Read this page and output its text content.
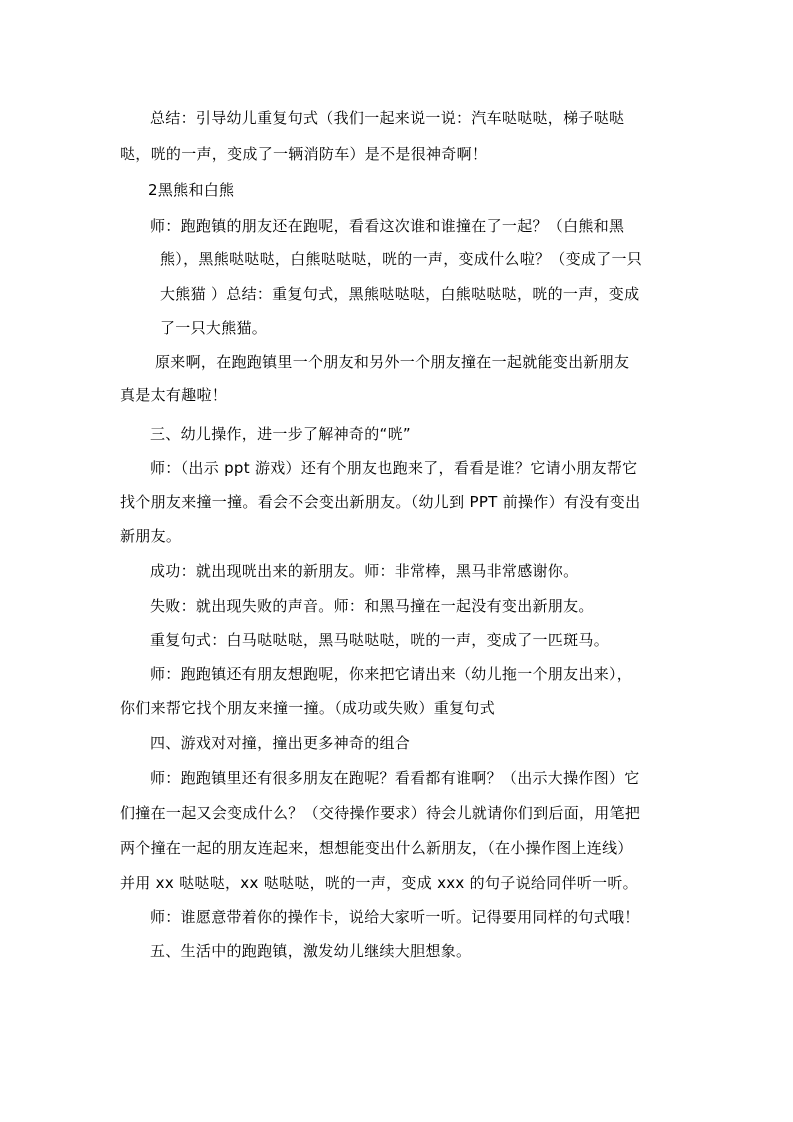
总结：引导幼儿重复句式（我们一起来说一说：汽车哒哒哒，梯子哒哒
哒，咣的一声，变成了一辆消防车）是不是很神奇啊！
2黑熊和白熊
师：跑跑镇的朋友还在跑呢，看看这次谁和谁撞在了一起？（白熊和黑
熊），黑熊哒哒哒，白熊哒哒哒，咣的一声，变成什么啦？（变成了一只
大熊猫 ）总结：重复句式，黑熊哒哒哒，白熊哒哒哒，咣的一声，变成
了一只大熊猫。
原来啊，在跑跑镇里一个朋友和另外一个朋友撞在一起就能变出新朋友
真是太有趣啦！
三、幼儿操作，进一步了解神奇的“咣”
师：（出示 ppt 游戏）还有个朋友也跑来了，看看是谁？它请小朋友帮它
找个朋友来撞一撞。看会不会变出新朋友。（幼儿到 PPT 前操作）有没有变出
新朋友。
成功：就出现咣出来的新朋友。师：非常棒，黑马非常感谢你。
失败：就出现失败的声音。师：和黑马撞在一起没有变出新朋友。
重复句式：白马哒哒哒，黑马哒哒哒，咣的一声，变成了一匹斑马。
师：跑跑镇还有朋友想跑呢，你来把它请出来（幼儿拖一个朋友出来），
你们来帮它找个朋友来撞一撞。（成功或失败）重复句式
四、游戏对对撞，撞出更多神奇的组合
师：跑跑镇里还有很多朋友在跑呢？看看都有谁啊？（出示大操作图）它
们撞在一起又会变成什么？（交待操作要求）待会儿就请你们到后面，用笔把
两个撞在一起的朋友连起来，想想能变出什么新朋友，（在小操作图上连线）
并用 xx 哒哒哒，xx 哒哒哒，咣的一声，变成 xxx 的句子说给同伴听一听。
师：谁愿意带着你的操作卡，说给大家听一听。记得要用同样的句式哦！
五、生活中的跑跑镇，激发幼儿继续大胆想象。
